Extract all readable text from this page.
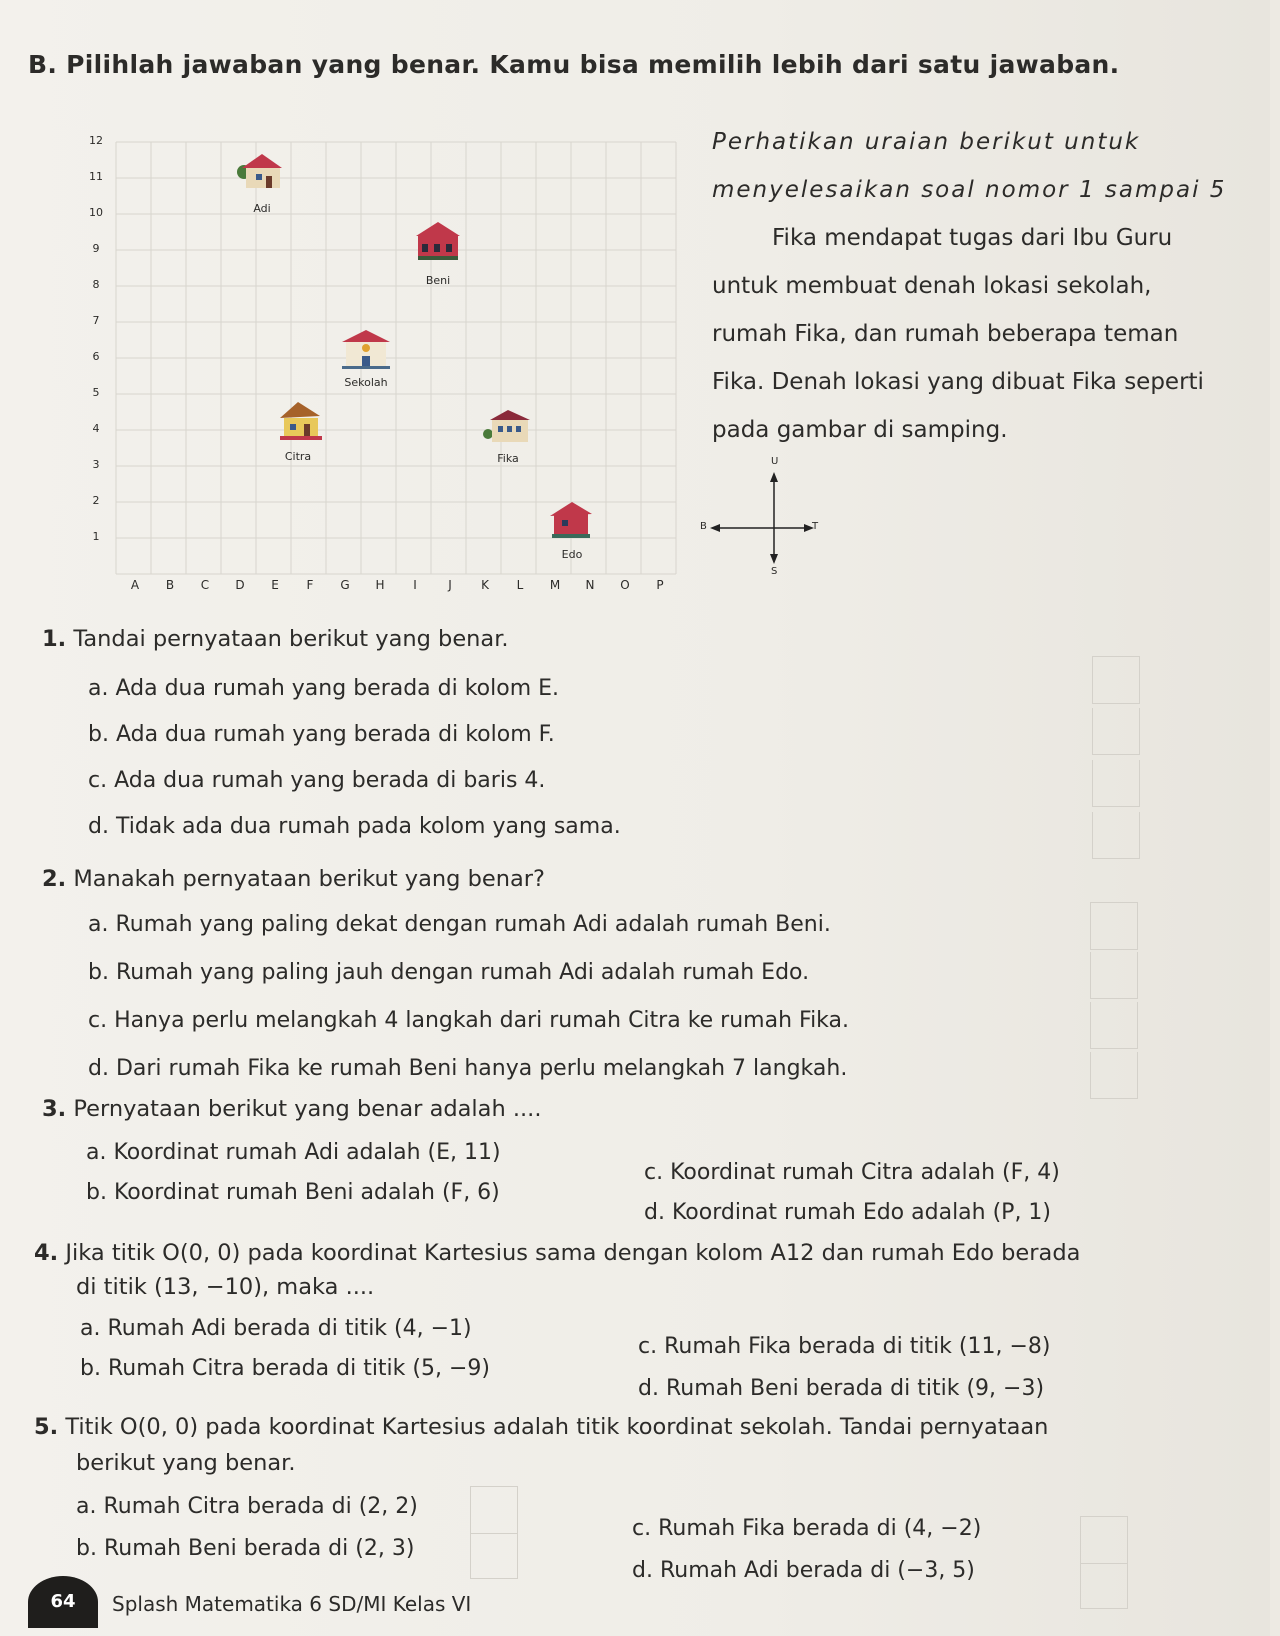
B. Pilihlah jawaban yang benar. Kamu bisa memilih lebih dari satu jawaban.
12
11
10
9
8
7
6
5
4
3
2
1
A	B	C	D	E	F	G	H	I	J	K	L	M	N	O	P
Adi
Beni
Sekolah
Citra	Fika
Edo
Perhatikan uraian berikut untuk
menyelesaikan soal nomor 1 sampai 5
Fika mendapat tugas dari Ibu Guru untuk membuat denah lokasi sekolah, rumah Fika, dan rumah beberapa teman Fika. Denah lokasi yang dibuat Fika seperti pada gambar di samping.
U
S
B	T
1. Tandai pernyataan berikut yang benar.
a. Ada dua rumah yang berada di kolom E.
b. Ada dua rumah yang berada di kolom F.
c. Ada dua rumah yang berada di baris 4.
d. Tidak ada dua rumah pada kolom yang sama.
2. Manakah pernyataan berikut yang benar?
a. Rumah yang paling dekat dengan rumah Adi adalah rumah Beni.
b. Rumah yang paling jauh dengan rumah Adi adalah rumah Edo.
c. Hanya perlu melangkah 4 langkah dari rumah Citra ke rumah Fika.
d. Dari rumah Fika ke rumah Beni hanya perlu melangkah 7 langkah.
3. Pernyataan berikut yang benar adalah ....
a. Koordinat rumah Adi adalah (E, 11)
b. Koordinat rumah Beni adalah (F, 6)
c. Koordinat rumah Citra adalah (F, 4)
d. Koordinat rumah Edo adalah (P, 1)
4. Jika titik O(0, 0) pada koordinat Kartesius sama dengan kolom A12 dan rumah Edo berada
di titik (13, −10), maka ....
a. Rumah Adi berada di titik (4, −1)
b. Rumah Citra berada di titik (5, −9)
c. Rumah Fika berada di titik (11, −8)
d. Rumah Beni berada di titik (9, −3)
5. Titik O(0, 0) pada koordinat Kartesius adalah titik koordinat sekolah. Tandai pernyataan
berikut yang benar.
a. Rumah Citra berada di (2, 2)
b. Rumah Beni berada di (2, 3)
c. Rumah Fika berada di (4, −2)
d. Rumah Adi berada di (−3, 5)
64	Splash Matematika 6 SD/MI Kelas VI
